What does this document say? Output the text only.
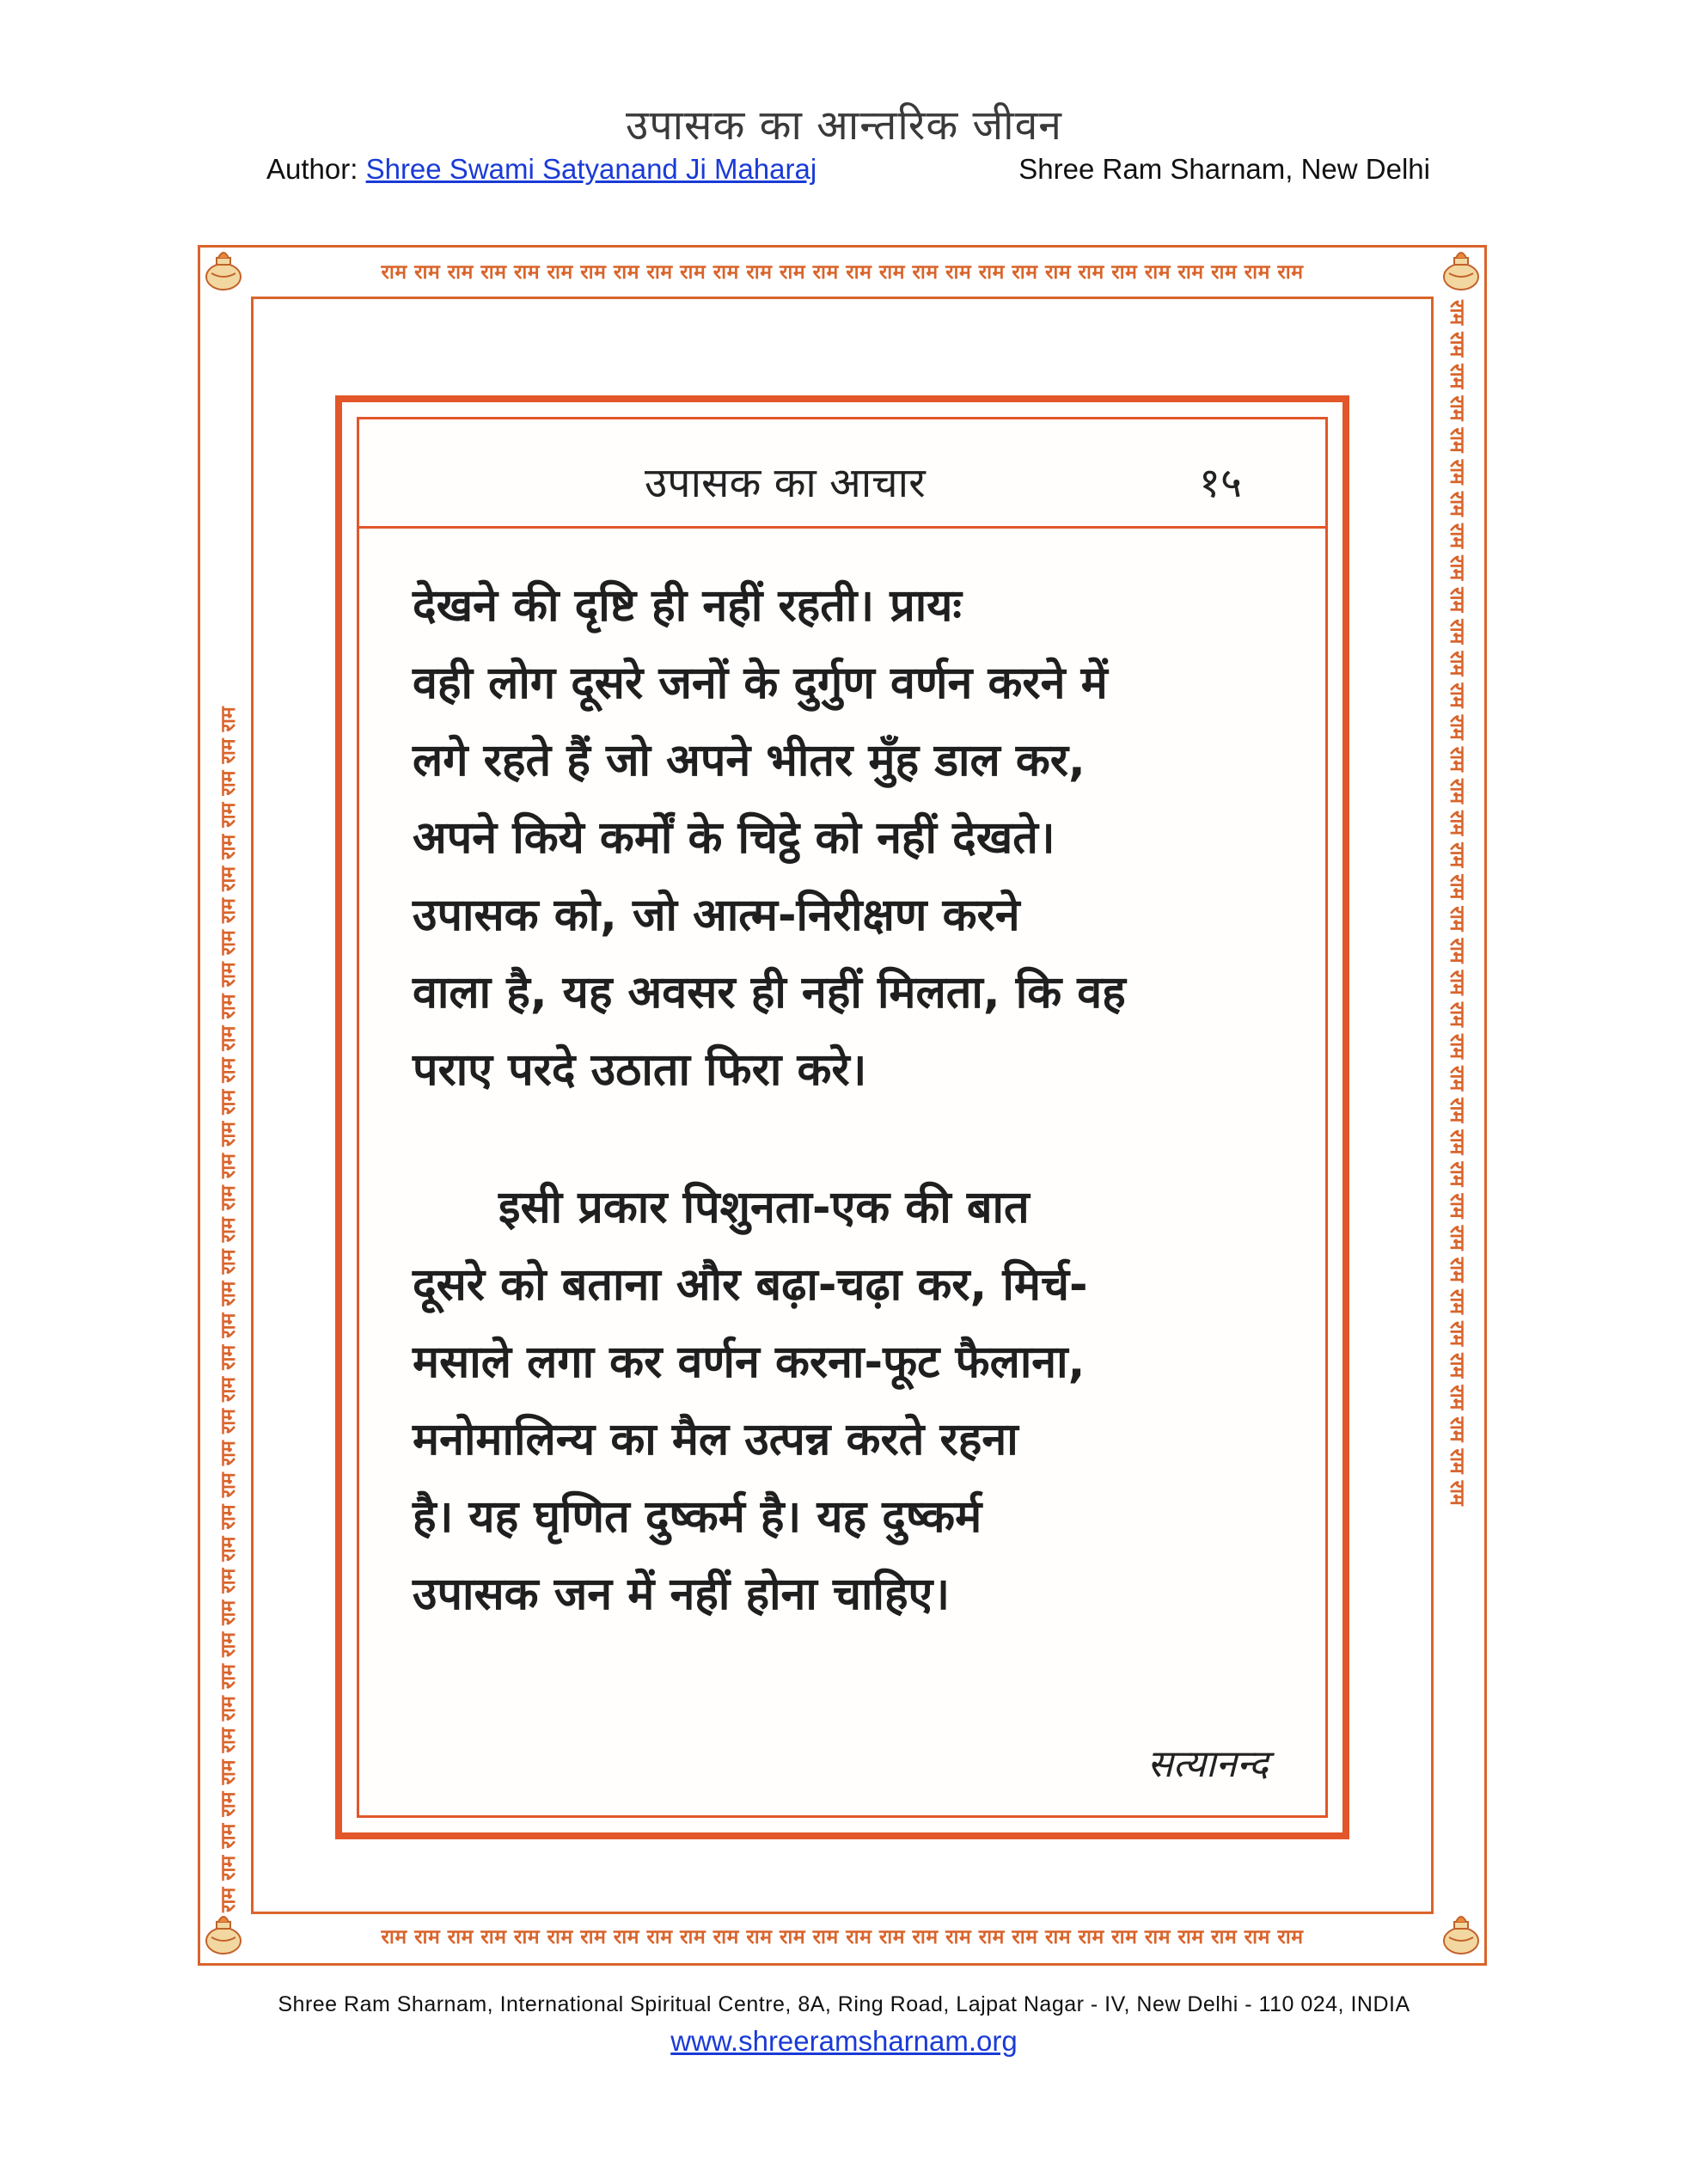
उपासक का आन्तरिक जीवन
Author: Shree Swami Satyanand Ji Maharaj	Shree Ram Sharnam, New Delhi
राम राम राम राम राम राम राम राम राम राम राम राम राम राम राम राम राम राम राम राम राम राम राम राम राम राम राम राम
राम राम राम राम राम राम राम राम राम राम राम राम राम राम राम राम राम राम राम राम राम राम राम राम राम राम राम राम
राम राम राम राम राम राम राम राम राम राम राम राम राम राम राम राम राम राम राम राम राम राम राम राम राम राम राम राम राम राम राम राम राम राम राम राम राम राम	राम राम राम राम राम राम राम राम राम राम राम राम राम राम राम राम राम राम राम राम राम राम राम राम राम राम राम राम राम राम राम राम राम राम राम राम राम राम
उपासक का आचार	१५
देखने की दृष्टि ही नहीं रहती। प्रायः
वही लोग दूसरे जनों के दुर्गुण वर्णन करने में
लगे रहते हैं जो अपने भीतर मुँह डाल कर,
अपने किये कर्मों के चिट्ठे को नहीं देखते।
उपासक को, जो आत्म-निरीक्षण करने
वाला है, यह अवसर ही नहीं मिलता, कि वह
पराए परदे उठाता फिरा करे।
इसी प्रकार पिशुनता-एक की बात
दूसरे को बताना और बढ़ा-चढ़ा कर, मिर्च-
मसाले लगा कर वर्णन करना-फूट फैलाना,
मनोमालिन्य का मैल उत्पन्न करते रहना
है। यह घृणित दुष्कर्म है। यह दुष्कर्म
उपासक जन में नहीं होना चाहिए।
सत्यानन्द
Shree Ram Sharnam, International Spiritual Centre, 8A, Ring Road, Lajpat Nagar - IV, New Delhi - 110 024, INDIA
www.shreeramsharnam.org
